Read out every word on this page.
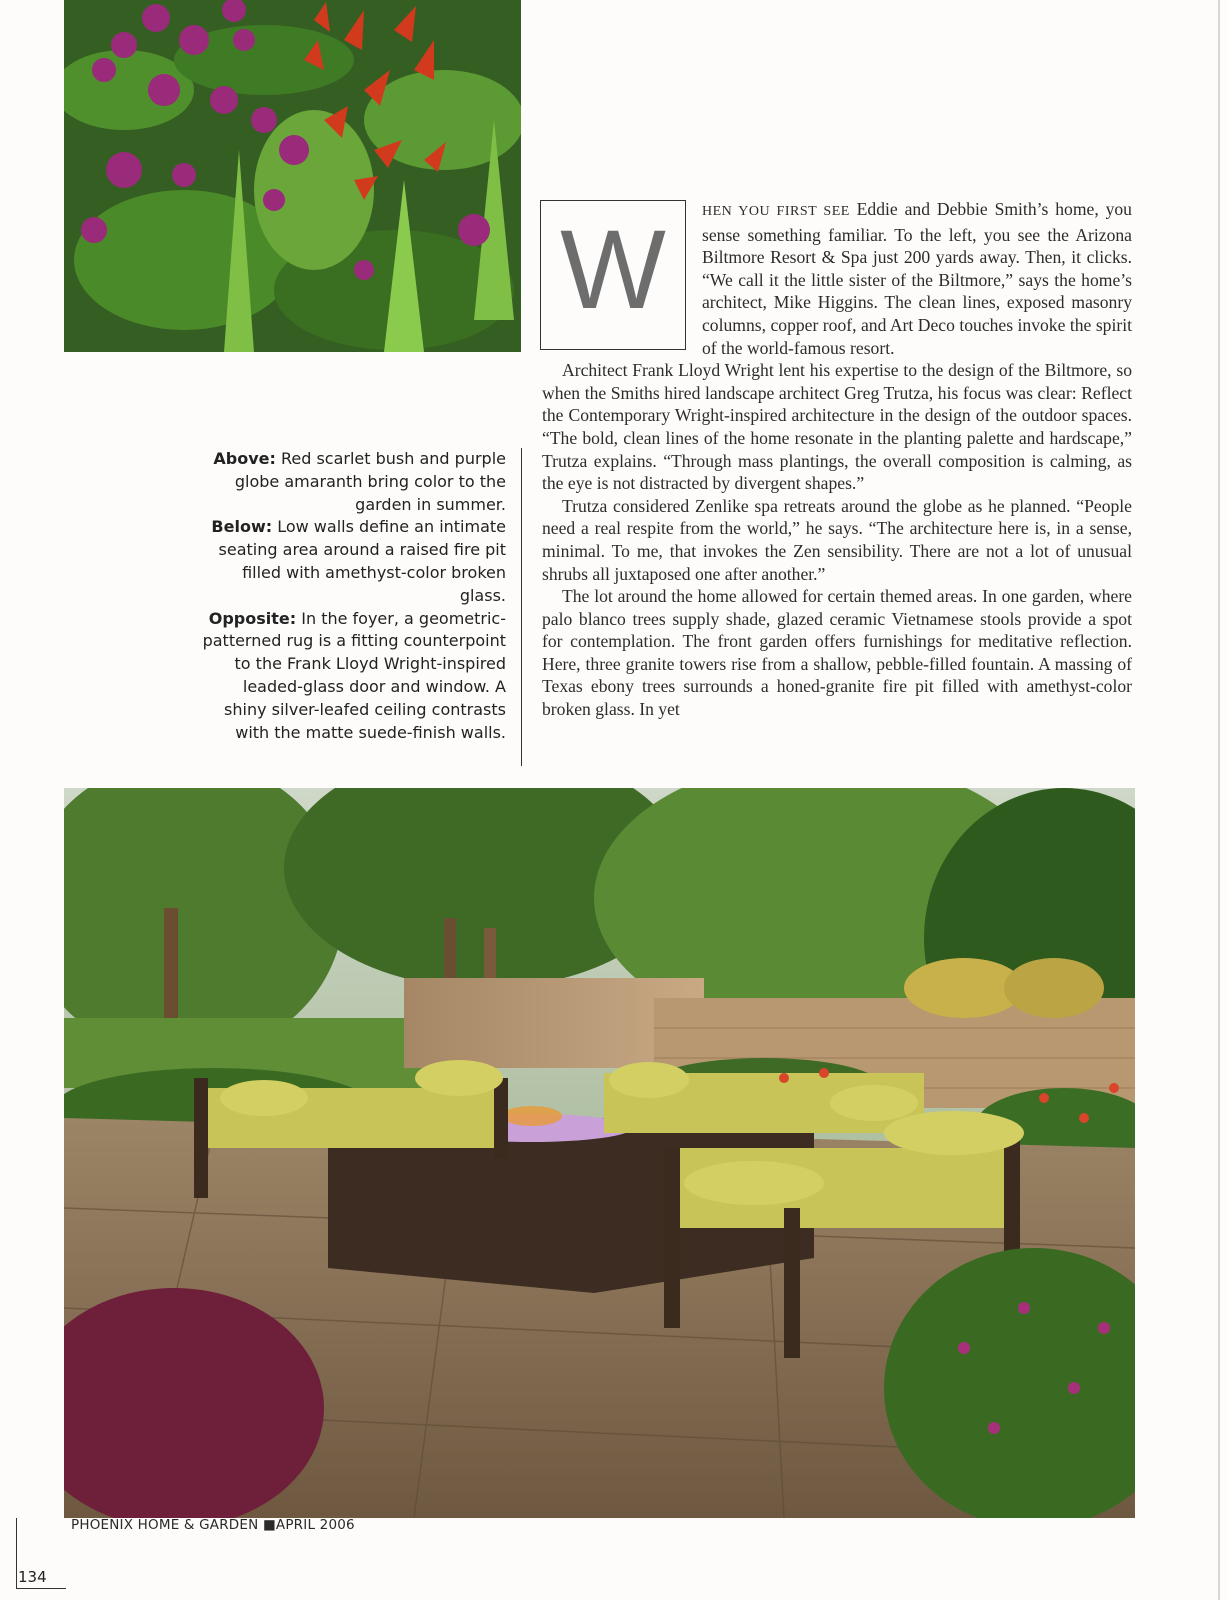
Above: Red scarlet bush and purple globe amaranth bring color to the garden in summer.

Below: Low walls define an intimate seating area around a raised fire pit filled with amethyst-color broken glass.

Opposite: In the foyer, a geometric-patterned rug is a fitting counterpoint to the Frank Lloyd Wright-inspired leaded-glass door and window. A shiny silver-leafed ceiling contrasts with the matte suede-finish walls.

W	HEN YOU FIRST SEE Eddie and Debbie Smith’s home, you sense something familiar. To the left, you see the Arizona Biltmore Resort & Spa just 200 yards away. Then, it clicks. “We call it the little sister of the Biltmore,” says the home’s architect, Mike Higgins. The clean lines, exposed masonry columns, copper roof, and Art Deco touches invoke the spirit of the world-famous resort.

Architect Frank Lloyd Wright lent his expertise to the design of the Biltmore, so when the Smiths hired landscape architect Greg Trutza, his focus was clear: Reflect the Contemporary Wright-inspired architecture in the design of the outdoor spaces. “The bold, clean lines of the home resonate in the planting palette and hardscape,” Trutza explains. “Through mass plantings, the overall composition is calming, as the eye is not distracted by divergent shapes.”

Trutza considered Zenlike spa retreats around the globe as he planned. “People need a real respite from the world,” he says. “The architecture here is, in a sense, minimal. To me, that invokes the Zen sensibility. There are not a lot of unusual shrubs all juxtaposed one after another.”

The lot around the home allowed for certain themed areas. In one garden, where palo blanco trees supply shade, glazed ceramic Vietnamese stools provide a spot for contemplation. The front garden offers furnishings for meditative reflection. Here, three granite towers rise from a shallow, pebble-filled fountain. A massing of Texas ebony trees surrounds a honed-granite fire pit filled with amethyst-color broken glass. In yet

PHOENIX HOME & GARDEN ■APRIL 2006
134
